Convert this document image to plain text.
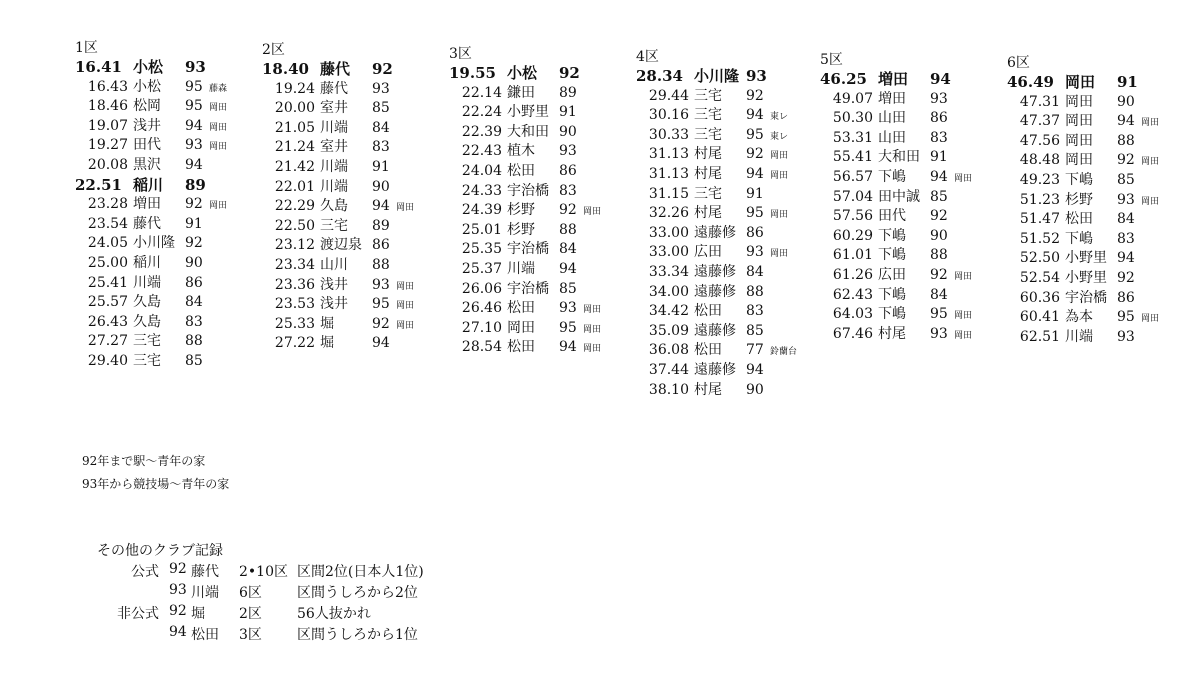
1区
16.41 小松	93
16.43 小松	95 藤森
18.46 松岡	95 岡田
19.07 浅井	94 岡田
19.27 田代	93 岡田
20.08 黒沢	94
22.51 稲川	89
23.28 増田	92 岡田
23.54 藤代	91
24.05 小川隆 92
25.00 稲川	90
25.41 川端	86
25.57 久島	84
26.43 久島	83
27.27 三宅	88
29.40 三宅	85
2区
18.40 藤代	92
19.24 藤代	93
20.00 室井	85
21.05 川端	84
21.24 室井	83
21.42 川端	91
22.01 川端	90
22.29 久島	94 岡田
22.50 三宅	89
23.12 渡辺泉 86
23.34 山川	88
23.36 浅井	93 岡田
23.53 浅井	95 岡田
25.33 堀	92 岡田
27.22 堀	94
3区
19.55 小松	92
22.14 鎌田	89
22.24 小野里 91
22.39 大和田 90
22.43 植木	93
24.04 松田	86
24.33 宇治橋 83
24.39 杉野	92 岡田
25.01 杉野	88
25.35 宇治橋 84
25.37 川端	94
26.06 宇治橋 85
26.46 松田	93 岡田
27.10 岡田	95 岡田
28.54 松田	94 岡田
4区
28.34 小川隆 93
29.44 三宅	92
30.16 三宅	94 東レ
30.33 三宅	95 東レ
31.13 村尾	92 岡田
31.13 村尾	94 岡田
31.15 三宅	91
32.26 村尾	95 岡田
33.00 遠藤修 86
33.00 広田	93 岡田
33.34 遠藤修 84
34.00 遠藤修 88
34.42 松田	83
35.09 遠藤修 85
36.08 松田	77 鈴蘭台
37.44 遠藤修 94
38.10 村尾	90
5区
46.25 増田	94
49.07 増田	93
50.30 山田	86
53.31 山田	83
55.41 大和田 91
56.57 下嶋	94 岡田
57.04 田中誠 85
57.56 田代	92
60.29 下嶋	90
61.01 下嶋	88
61.26 広田	92 岡田
62.43 下嶋	84
64.03 下嶋	95 岡田
67.46 村尾	93 岡田
6区
46.49 岡田	91
47.31 岡田	90
47.37 岡田	94 岡田
47.56 岡田	88
48.48 岡田	92 岡田
49.23 下嶋	85
51.23 杉野	93 岡田
51.47 松田	84
51.52 下嶋	83
52.50 小野里 94
52.54 小野里 92
60.36 宇治橋 86
60.41 為本	95 岡田
62.51 川端	93
92年まで駅～青年の家
93年から競技場～青年の家
その他のクラブ記録
公式 92 藤代	2•10区 区間2位(日本人1位)
93 川端	6区	区間うしろから2位
非公式 92 堀	2区	56人抜かれ
94 松田	3区	区間うしろから1位
